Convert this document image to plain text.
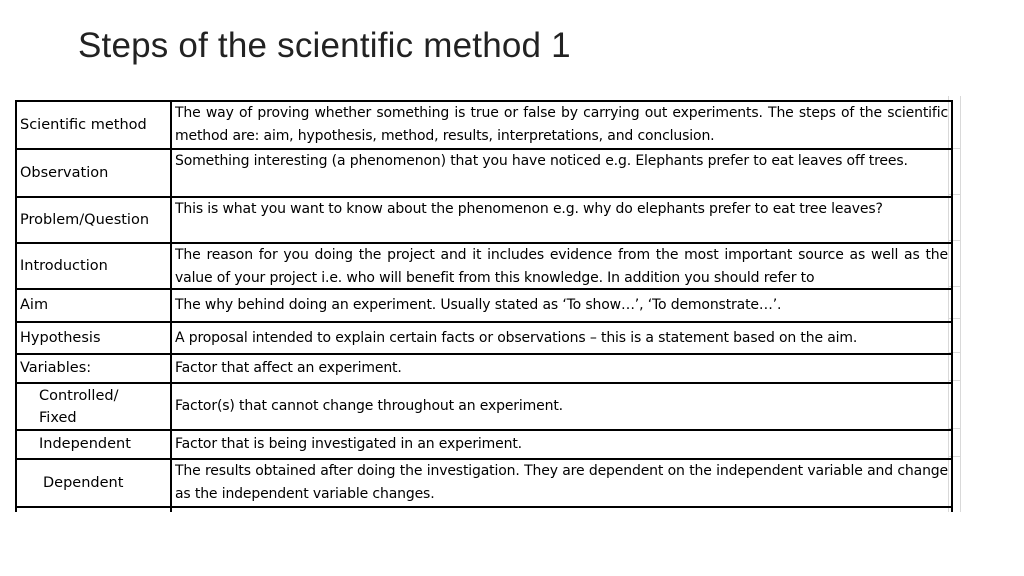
Steps of the scientific method 1
Scientific method	The way of proving whether something is true or false by carrying out experiments. The steps of the scientific method are: aim, hypothesis, method, results, interpretations, and conclusion.

Observation	Something interesting (a phenomenon) that you have noticed e.g. Elephants prefer to eat leaves off trees.

Problem/Question	This is what you want to know about the phenomenon e.g. why do elephants prefer to eat tree leaves?

Introduction	The reason for you doing the project and it includes evidence from the most important source as well as the value of your project i.e. who will benefit from this knowledge. In addition you should refer to

Aim	The why behind doing an experiment. Usually stated as ‘To show…’, ‘To demonstrate…’.
Hypothesis	A proposal intended to explain certain facts or observations – this is a statement based on the aim.
Variables:	Factor that affect an experiment.

Controlled/
Fixed	Factor(s) that cannot change throughout an experiment.
Independent	Factor that is being investigated in an experiment.
Dependent	The results obtained after doing the investigation. They are dependent on the independent variable and change as the independent variable changes.
